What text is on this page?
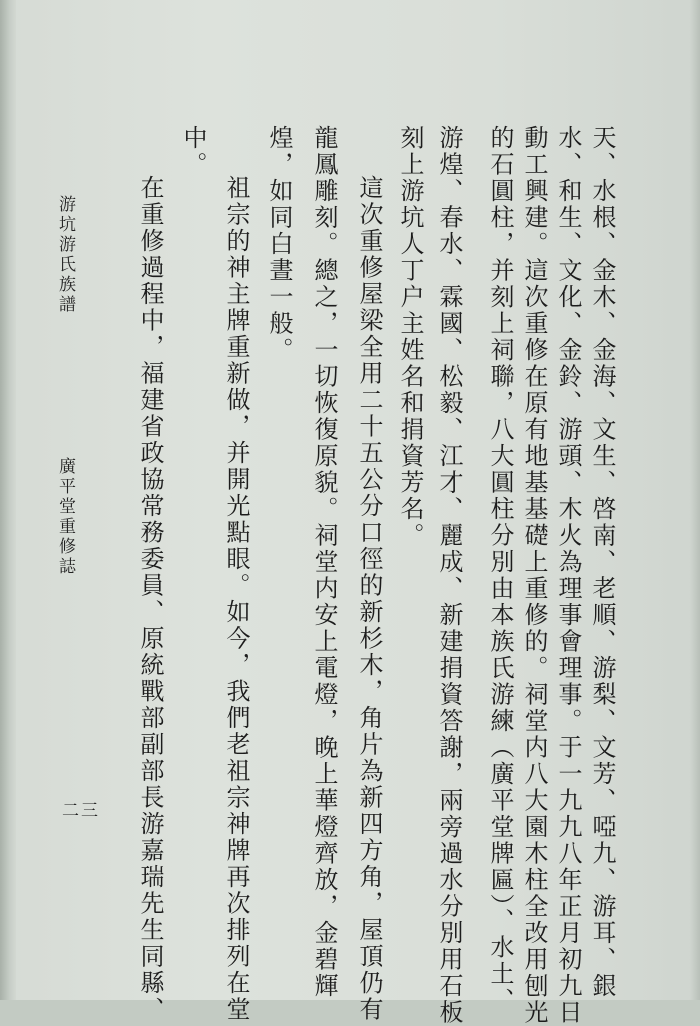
天、水根、金木、金海、文生、啓南、老順、游梨、文芳、啞九、游耳、銀
水、和生、文化、金鈴、游頭、木火為理事會理事。于一九九八年正月初九日
動工興建。這次重修在原有地基基礎上重修的。祠堂内八大園木柱全改用刨光
的石圓柱，并刻上祠聯，八大圓柱分別由本族氏游練（廣平堂牌匾）、水土、
游煌、春水、霖國、松毅、江才、麗成、新建捐資答謝，兩旁過水分別用石板
刻上游坑人丁户主姓名和捐資芳名。
這次重修屋梁全用二十五公分口徑的新杉木，角片為新四方角，屋頂仍有
龍鳳雕刻。總之，一切恢復原貌。祠堂内安上電燈，晚上華燈齊放，金碧輝
煌，如同白晝一般。
祖宗的神主牌重新做，并開光點眼。如今，我們老祖宗神牌再次排列在堂
中。
在重修過程中，福建省政協常務委員、原統戰部副部長游嘉瑞先生同縣、
游坑游氏族譜
廣平堂重修誌
二三
